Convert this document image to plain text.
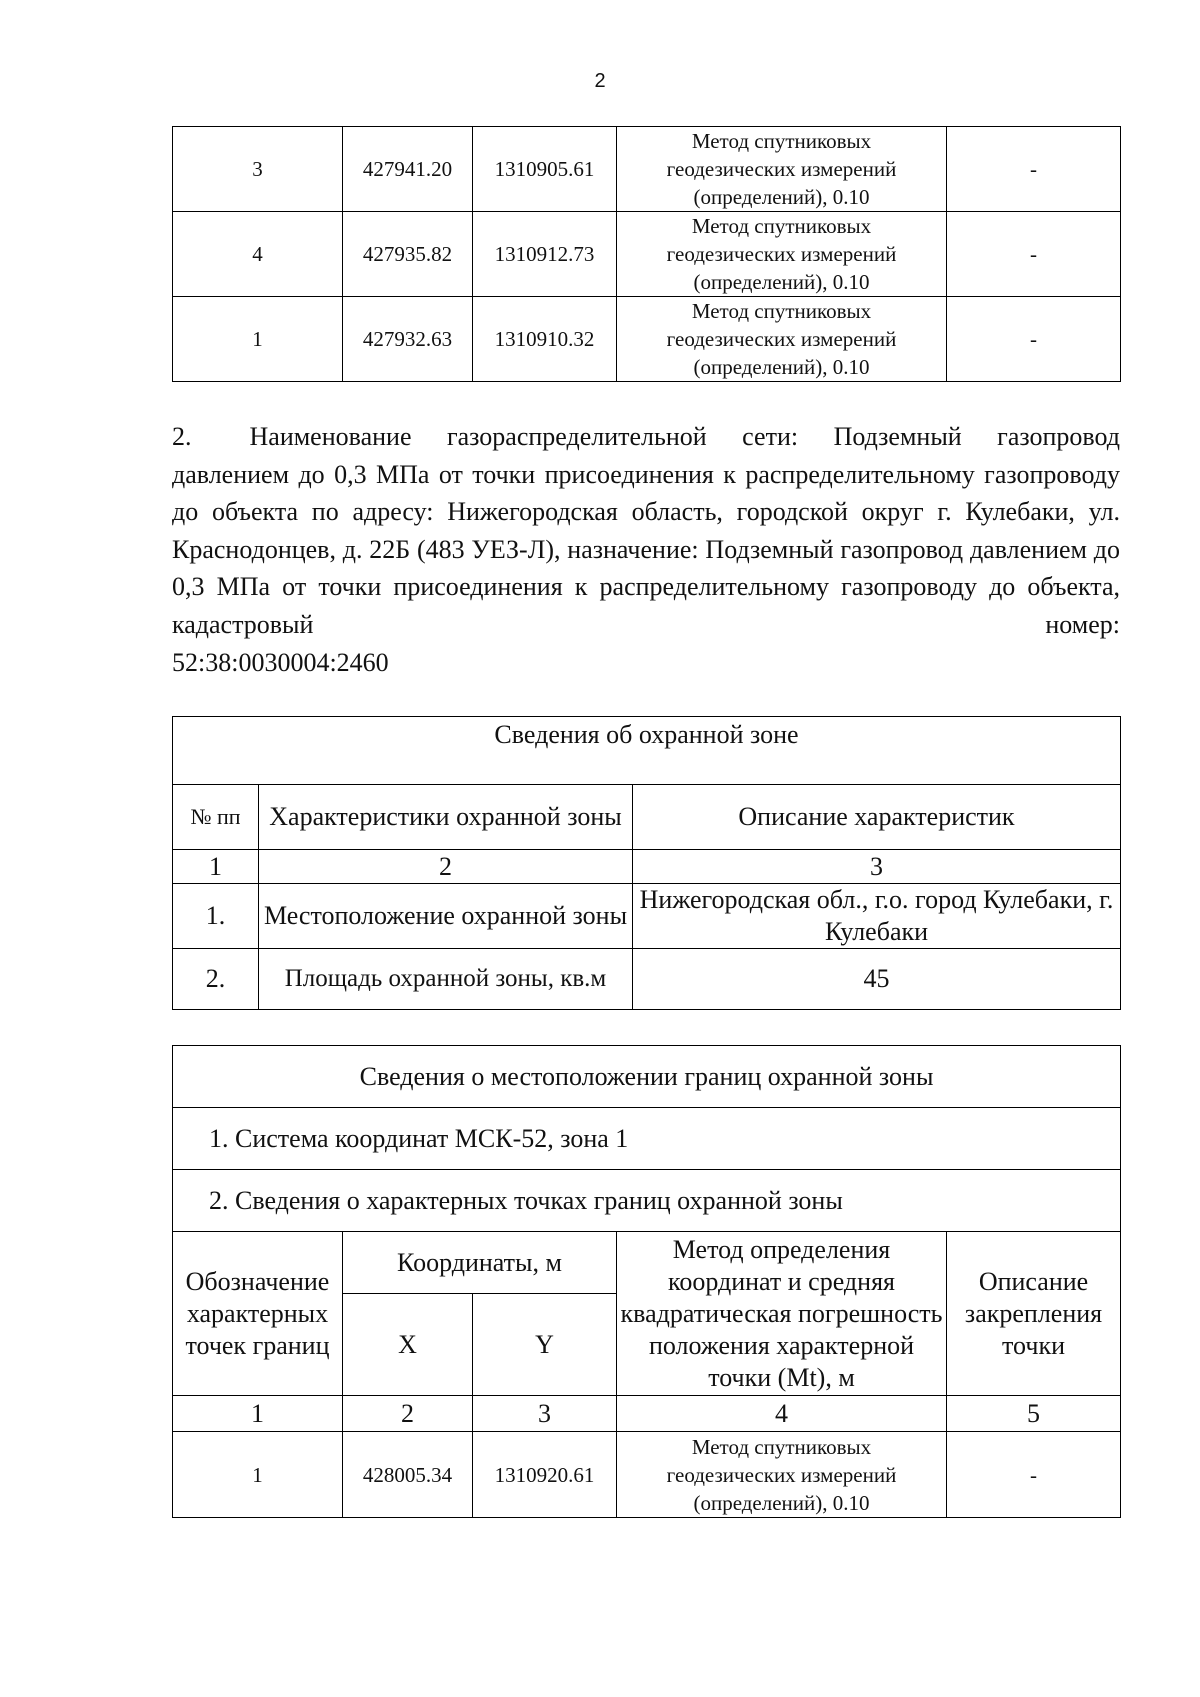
2
3	427941.20	1310905.61	Метод спутниковых
геодезических измерений
(определений), 0.10	-
4	427935.82	1310912.73	Метод спутниковых
геодезических измерений
(определений), 0.10	-
1	427932.63	1310910.32	Метод спутниковых
геодезических измерений
(определений), 0.10	-

2. Наименование газораспределительной сети: Подземный газопровод давлением до 0,3 МПа от точки присоединения к распределительному газопроводу до объекта по адресу: Нижегородская область, городской округ г. Кулебаки, ул. Краснодонцев, д. 22Б (483 УЕЗ-Л), назначение: Подземный газопровод давлением до 0,3 МПа от точки присоединения к распределительному газопроводу до объекта, кадастровый номер:

52:38:0030004:2460

Сведения об охранной зоне		
№ пп	Характеристики охранной зоны	Описание характеристик
1	2	3
1.	Местоположение охранной зоны	Нижегородская обл., г.о. город Кулебаки, г. Кулебаки
2.	Площадь охранной зоны, кв.м	45
Сведения о местоположении границ охранной зоны				
1. Система координат МСК-52, зона 1				
2. Сведения о характерных точках границ охранной зоны				
Обозначение характерных точек границ	Координаты, м		Метод определения координат и средняя квадратическая погрешность положения характерной точки (Mt), м	Описание закрепления точки
	X	Y		
1	2	3	4	5
1	428005.34	1310920.61	Метод спутниковых
геодезических измерений
(определений), 0.10	-
